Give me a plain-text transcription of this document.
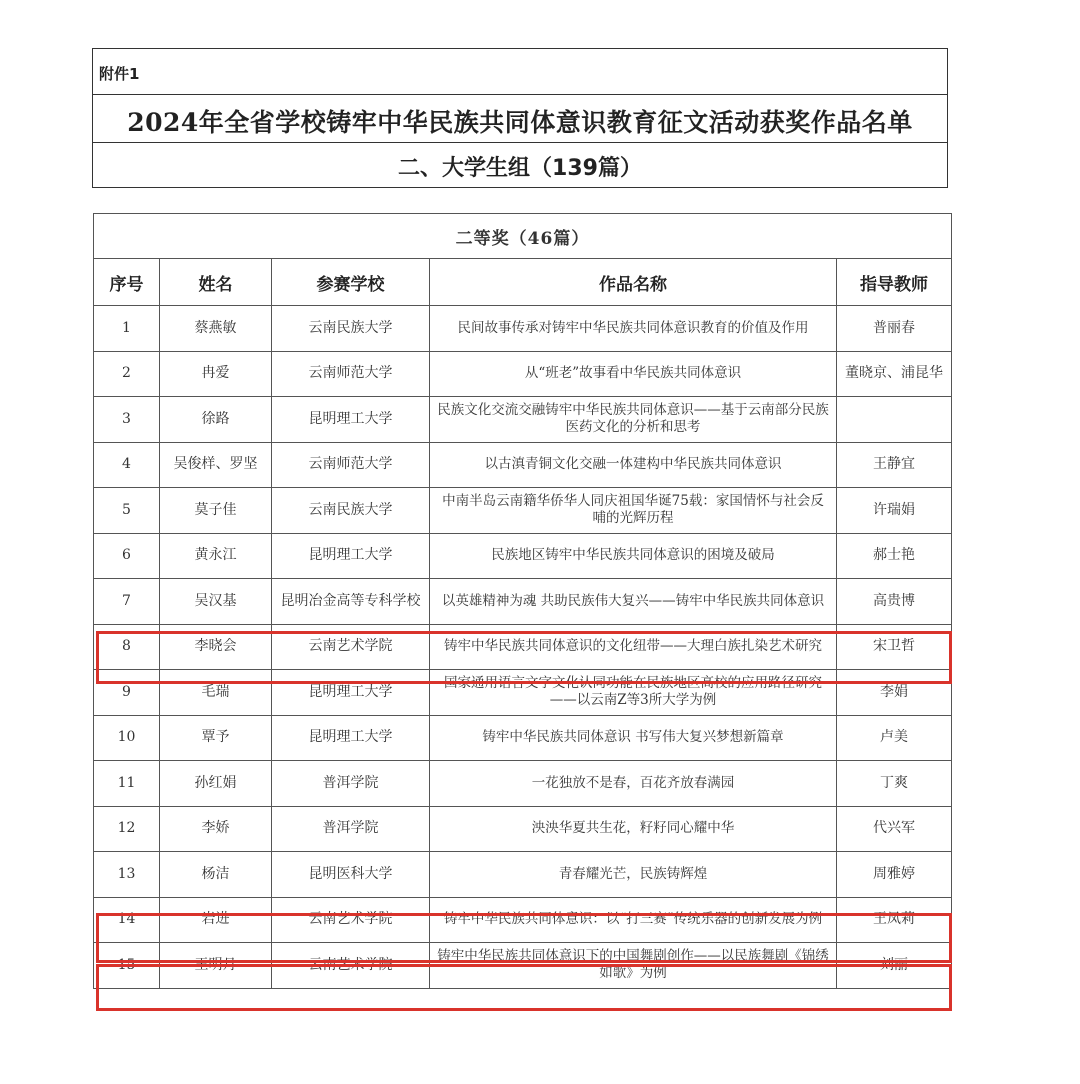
附件1
2024年全省学校铸牢中华民族共同体意识教育征文活动获奖作品名单
二、大学生组（139篇）
二等奖（46篇）				
序号	姓名	参赛学校	作品名称	指导教师
1	蔡燕敏	云南民族大学	民间故事传承对铸牢中华民族共同体意识教育的价值及作用	普丽春
2	冉爱	云南师范大学	从“班老”故事看中华民族共同体意识	董晓京、浦昆华
3	徐路	昆明理工大学	民族文化交流交融铸牢中华民族共同体意识——基于云南部分民族医药文化的分析和思考	
4	吴俊样、罗坚	云南师范大学	以古滇青铜文化交融一体建构中华民族共同体意识	王静宜
5	莫子佳	云南民族大学	中南半岛云南籍华侨华人同庆祖国华诞75载：家国情怀与社会反哺的光辉历程	许瑞娟
6	黄永江	昆明理工大学	民族地区铸牢中华民族共同体意识的困境及破局	郝士艳
7	吴汉基	昆明冶金高等专科学校	以英雄精神为魂 共助民族伟大复兴——铸牢中华民族共同体意识	高贵博
8	李晓会	云南艺术学院	铸牢中华民族共同体意识的文化纽带——大理白族扎染艺术研究	宋卫哲
9	毛瑞	昆明理工大学	国家通用语言文字文化认同功能在民族地区高校的应用路径研究——以云南Z等3所大学为例	李娟
10	覃予	昆明理工大学	铸牢中华民族共同体意识 书写伟大复兴梦想新篇章	卢美
11	孙红娟	普洱学院	一花独放不是春，百花齐放春满园	丁爽
12	李娇	普洱学院	泱泱华夏共生花，籽籽同心耀中华	代兴军
13	杨洁	昆明医科大学	青春耀光芒，民族铸辉煌	周雅婷
14	岩进	云南艺术学院	铸牢中华民族共同体意识：以“打三赛”传统乐器的创新发展为例	王凤莉
15	王明月	云南艺术学院	铸牢中华民族共同体意识下的中国舞剧创作——以民族舞剧《锦绣如歌》为例	刘丽
